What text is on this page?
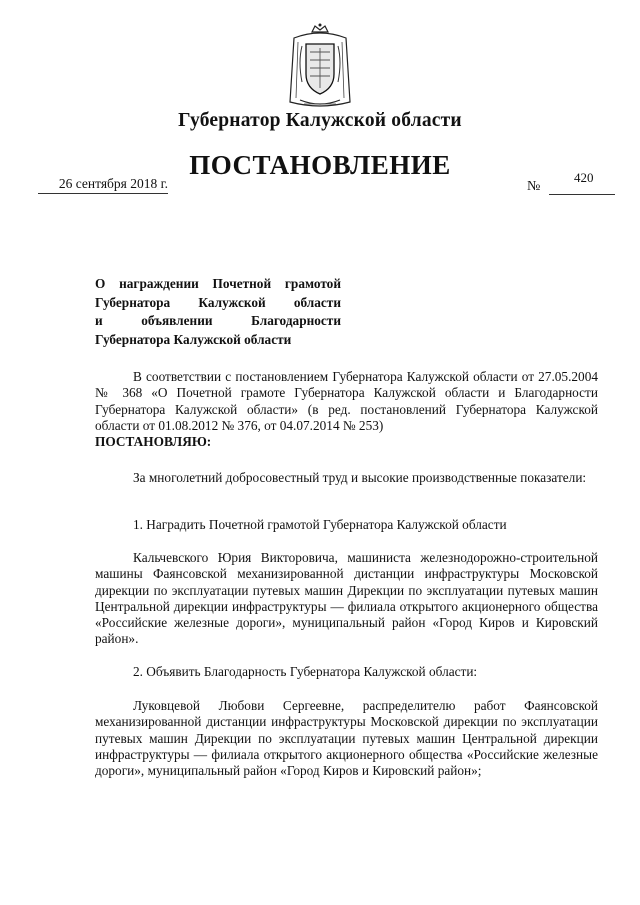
Губернатор Калужской области
ПОСТАНОВЛЕНИЕ
26 сентября 2018 г.	№
420
О награждении Почетной грамотой
Губернатора Калужской области
и объявлении Благодарности
Губернатора Калужской области
В соответствии с постановлением Губернатора Калужской области от 27.05.2004 № 368 «О Почетной грамоте Губернатора Калужской области и Благодарности Губернатора Калужской области» (в ред. постановлений Губернатора Калужской области от 01.08.2012 № 376, от 04.07.2014 № 253)
ПОСТАНОВЛЯЮ:
За многолетний добросовестный труд и высокие производственные показатели:
1. Наградить Почетной грамотой Губернатора Калужской области
Кальчевского Юрия Викторовича, машиниста железнодорожно-строительной машины Фаянсовской механизированной дистанции инфраструктуры Московской дирекции по эксплуатации путевых машин Дирекции по эксплуатации путевых машин Центральной дирекции инфраструктуры — филиала открытого акционерного общества «Российские железные дороги», муниципальный район «Город Киров и Кировский район».
2. Объявить Благодарность Губернатора Калужской области:
Луковцевой Любови Сергеевне, распределителю работ Фаянсовской механизированной дистанции инфраструктуры Московской дирекции по эксплуатации путевых машин Дирекции по эксплуатации путевых машин Центральной дирекции инфраструктуры — филиала открытого акционерного общества «Российские железные дороги», муниципальный район «Город Киров и Кировский район»;
